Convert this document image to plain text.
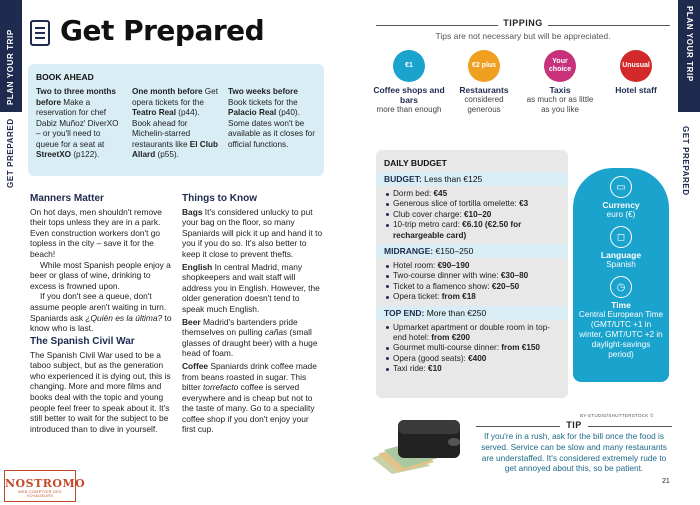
PLAN YOUR TRIP
GET PREPARED
PLAN YOUR TRIP
GET PREPARED
Get Prepared
BOOK AHEAD
Two to three months before Make a reservation for chef Dabiz Muñoz' DiverXO – or you'll need to queue for a seat at StreetXO (p122).
One month before Get opera tickets for the Teatro Real (p44). Book ahead for Michelin-starred restaurants like El Club Allard (p55).
Two weeks before Book tickets for the Palacio Real (p40). Some dates won't be available as it closes for official functions.
Manners Matter

On hot days, men shouldn't remove their tops unless they are in a park. Even construction workers don't go topless in the city – save it for the beach!

While most Spanish people enjoy a beer or glass of wine, drinking to excess is frowned upon.

If you don't see a queue, don't assume people aren't waiting in turn. Spaniards ask ¿Quién es la última? to know who is last.

The Spanish Civil War

The Spanish Civil War used to be a taboo subject, but as the generation who experienced it is dying out, this is changing. More and more films and books deal with the topic and young people feel freer to speak about it. It's still better to wait for the subject to be introduced than to dive in yourself.

Things to Know

Bags It's considered unlucky to put your bag on the floor, so many Spaniards will pick it up and hand it to you if you do so. It's also better to keep it close to prevent thefts.

English In central Madrid, many shopkeepers and wait staff will address you in English. However, the older generation doesn't tend to speak much English.

Beer Madrid's bartenders pride themselves on pulling cañas (small glasses of draught beer) with a huge head of foam.

Coffee Spaniards drink coffee made from beans roasted in sugar. This bitter torrefacto coffee is served everywhere and is cheap but not to the taste of many. Go to a speciality coffee shop if you don't enjoy your first cup.

TIPPING
Tips are not necessary but will be appreciated.
€1
Coffee shops and bars
more than enough
€2 plus
Restaurants
considered generous
Your choice
Taxis
as much or as little as you like
Unusual
Hotel staff
DAILY BUDGET
BUDGET: Less than €125
Dorm bed: €45
Generous slice of tortilla omelette: €3
Club cover charge: €10–20
10-trip metro card: €6.10 (€2.50 for rechargeable card)
MIDRANGE: €150–250
Hotel room: €90–190
Two-course dinner with wine: €30–80
Ticket to a flamenco show: €20–50
Opera ticket: from €18
TOP END: More than €250
Upmarket apartment or double room in top-end hotel: from €200
Gourmet multi-course dinner: from €150
Opera (good seats): €400
Taxi ride: €10
▭
Currency
euro (€)
◻
Language
Spanish
◷
Time
Central European Time (GMT/UTC +1 in winter, GMT/UTC +2 in daylight-savings period)
BY-STUDIO/SHUTTERSTOCK ©
TIP
If you're in a rush, ask for the bill once the food is served. Service can be slow and many restaurants are understaffed. It's considered extremely rude to get annoyed about this, so be patient.
21
NOSTROMO
WEB COMPTOIR DES VOYAGEURS
